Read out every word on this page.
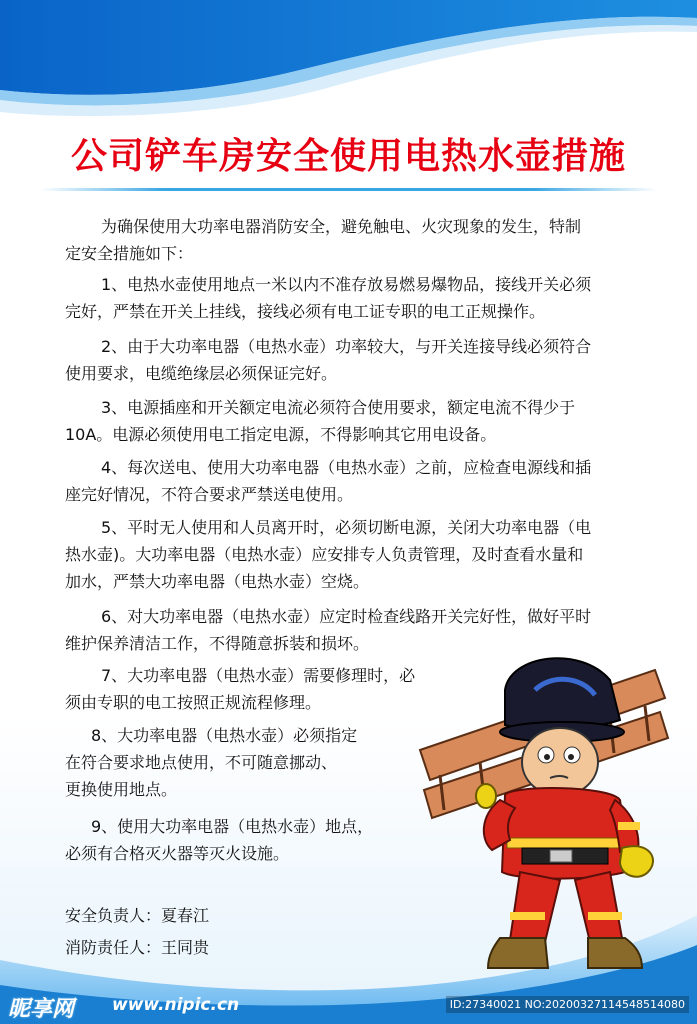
公司铲车房安全使用电热水壶措施
为确保使用大功率电器消防安全，避免触电、火灾现象的发生，特制
定安全措施如下：
1、电热水壶使用地点一米以内不准存放易燃易爆物品，接线开关必须
完好，严禁在开关上挂线，接线必须有电工证专职的电工正规操作。
2、由于大功率电器（电热水壶）功率较大，与开关连接导线必须符合
使用要求，电缆绝缘层必须保证完好。
3、电源插座和开关额定电流必须符合使用要求，额定电流不得少于
10A。电源必须使用电工指定电源，不得影响其它用电设备。
4、每次送电、使用大功率电器（电热水壶）之前，应检查电源线和插
座完好情况，不符合要求严禁送电使用。
5、平时无人使用和人员离开时，必须切断电源，关闭大功率电器（电
热水壶)。大功率电器（电热水壶）应安排专人负责管理，及时查看水量和
加水，严禁大功率电器（电热水壶）空烧。
6、对大功率电器（电热水壶）应定时检查线路开关完好性，做好平时
维护保养清洁工作，不得随意拆装和损坏。
7、大功率电器（电热水壶）需要修理时，必
须由专职的电工按照正规流程修理。
8、大功率电器（电热水壶）必须指定
在符合要求地点使用，不可随意挪动、
更换使用地点。
9、使用大功率电器（电热水壶）地点，
必须有合格灭火器等灭火设施。
安全负责人：夏春江
消防责任人：王同贵
昵享网 www.nipic.cn	ID:27340021 NO:20200327114548514080
